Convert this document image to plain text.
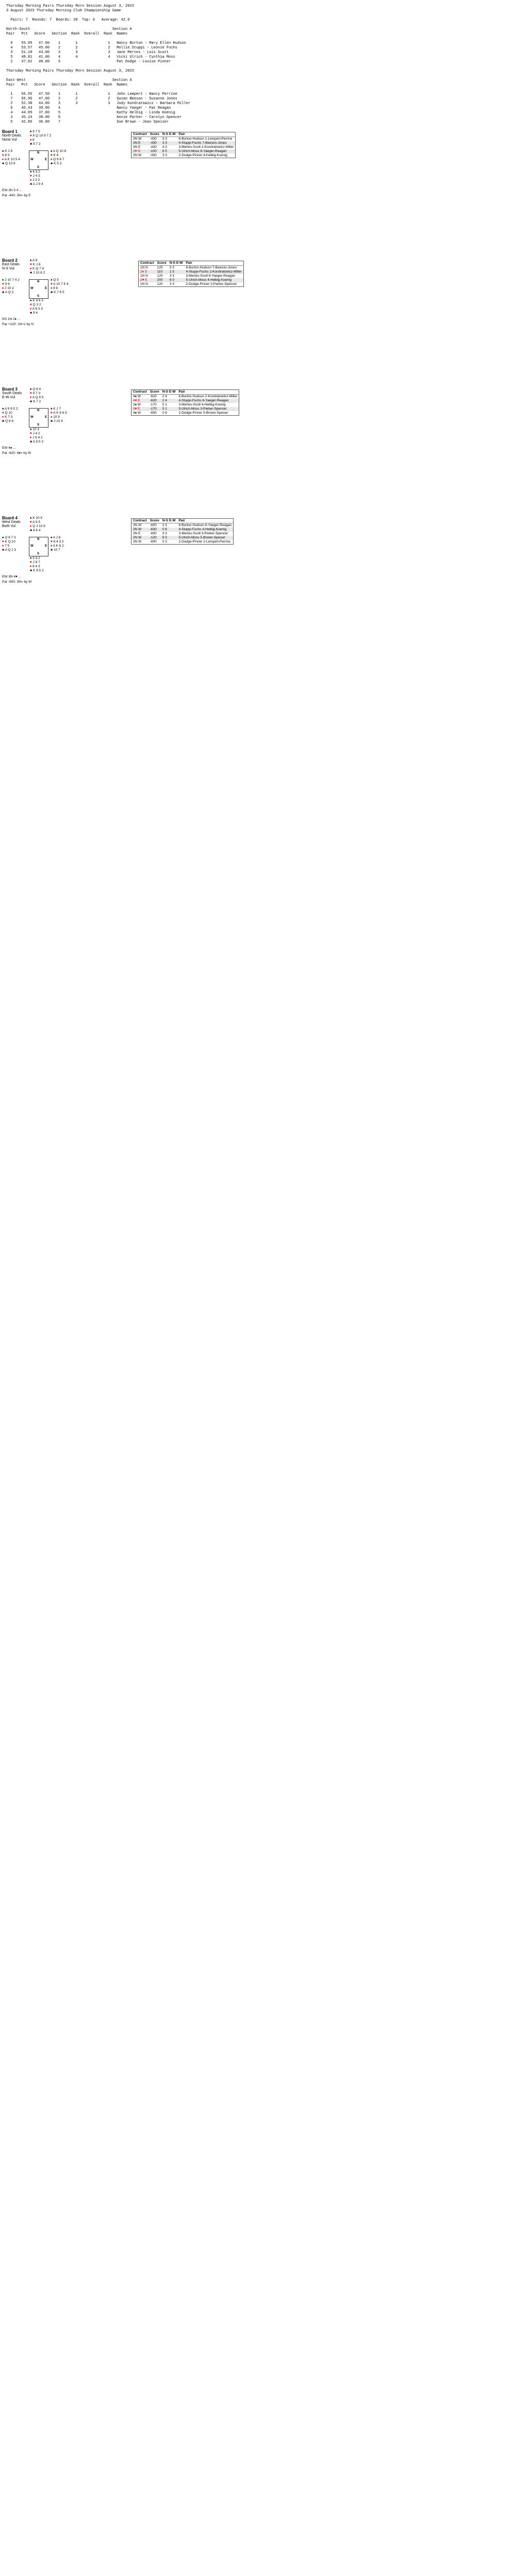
Thursday Morning Pairs Thursday Morn Session August 3, 2023
3 August 2023 Thursday Morning Club Championship Game

Pairs: 7  Rounds: 7  Boards: 28  Top: 6   Average: 42.0

North-South                                      Section A
Pair   Pct   Score   Section  Rank  Overall  Rank  Names

6    55.95   47.00    1       1              1   Nancy Burton - Mary Ellen Hudson
4    53.57   45.00    2       2              2   Mollie Stuppi - Leonie Fuchs
3    51.19   43.00    3       3              3   Jane Mertes - Lois Scott
5    48.81   41.00    4       4              4   Vicki Ulrich - Cynthia Moss
2    47.62   40.00    5                          Pat Dodge - Louise Pinner

Thursday Morning Pairs Thursday Morn Session August 3, 2023

East-West                                        Section A
Pair   Pct   Score   Section  Rank  Overall  Rank  Names

1    56.55   47.50    1       1              1   John Lempert - Nancy Perrine
7    55.95   47.00    2       2              2   Susan Beeson - Suzanne Jones
2    52.38   44.00    3       3              3   Judy Kondratowicz - Barbara Miller
6    46.43   39.00    4                          Nancy Yaeger - Pat Reagan
4    44.05   37.00    5                          Kathy Helbig - Linda Koenig
3    45.24   38.00    6                          Annie Parker - Carolyn Spencer
5    42.86   36.00    7                          Sue Brown - Jean Speiser
Board 1
North Deals
None Vul
♠ 9 7 5
♥ A Q 10 9 7 2
♦ 6
♣ 8 7 2
♠ K J 6
♥ 8 5
♦ A K 10 5 4
♣ Q 10 6
♠ A Q 10 8
♥ K 6
♦ Q 9 8 7
♣ K 5 3
♠ 4 3 2
♥ J 4 3
♦ J 3 2
♣ A J 9 4
N
S
W	E
EW 3N 5 4 ...
Par -400: 3N= by E
Contract	Score	N-S E-W	Pair
3N W	-430	3 3	6-Burton-Hudson 1-Lempert-Perrine
3N E	-430	3 3	4-Stuppi-Fuchs 7-Beeson-Jones
3N E	-430	3 3	3-Mertes-Scott 2-Kondratowicz-Miller
2♥ N	-100	6 0	5-Ulrich-Moss 6-Yaeger-Reagan
3N W	-430	3 3	2-Dodge-Pinner 4-Helbig-Koenig
Board 2
East Deals
N-S Vul
♠ A 8
♥ K J 8
♦ K Q 7 4
♣ J 10 8 2
♠ J 10 7 4 2
♥ 9 6
♦ J 10 2
♣ A Q 3
♠ Q 5
♥ A 10 7 5 4
♦ 9 8
♣ K 7 6 5
♠ K 9 6 3
♥ Q 3 2
♦ A 6 5 3
♣ 9 4
N
S
W	E
NS 1N 2♦ ...
Par +120: 1N+1 by N
Contract	Score	N-S E-W	Pair
1N N	120	3 3	6-Burton-Hudson 7-Beeson-Jones
2♦ S	110	1 5	4-Stuppi-Fuchs 2-Kondratowicz-Miller
1N N	120	3 3	3-Mertes-Scott 6-Yaeger-Reagan
2♥ E	200	6 0	5-Ulrich-Moss 4-Helbig-Koenig
1N N	120	3 3	2-Dodge-Pinner 3-Parker-Spencer
Board 3
South Deals
E-W Vul
♠ Q 6 4
♥ 9 7 3
♦ A Q 8 5
♣ K 7 2
♠ A 9 8 5 2
♥ Q 10
♦ K 7 3
♣ Q 8 6
♠ K J 7
♥ A K 8 6 5
♦ 10 9
♣ J 10 4
♠ 10 3
♥ J 4 2
♦ J 6 4 2
♣ A 9 5 3
N
S
W	E
EW 4♠ ...
Par -620: 4♠= by W
Contract	Score	N-S E-W	Pair
4♠ W	-620	2 4	6-Burton-Hudson 2-Kondratowicz-Miller
4♥ E	-620	2 4	4-Stuppi-Fuchs 6-Yaeger-Reagan
2♠ W	-170	5 1	3-Mertes-Scott 4-Helbig-Koenig
3♥ E	-170	5 1	5-Ulrich-Moss 3-Parker-Spencer
4♠ W	-650	0 6	2-Dodge-Pinner 5-Brown-Speiser
Board 4
West Deals
Both Vul
♠ K 10 9
♥ A 6 5
♦ Q J 10 9
♣ 8 6 4
♠ Q 8 7 3
♥ K Q 10
♦ 7 5
♣ A Q J 3
♠ A J 6
♥ 8 4 3 2
♦ A K 6 2
♣ 10 7
♠ 5 4 2
♥ J 9 7
♦ 8 4 3
♣ K 9 5 2
N
S
W	E
EW 3N 4♥ ...
Par -600: 3N= by W
Contract	Score	N-S E-W	Pair
3N W	-600	3 3	6-Burton-Hudson 6-Yaeger-Reagan
3N W	-630	0 6	4-Stuppi-Fuchs 4-Helbig-Koenig
3N E	-600	3 3	3-Mertes-Scott 3-Parker-Spencer
2N W	-120	6 0	5-Ulrich-Moss 5-Brown-Speiser
3N W	-600	3 3	2-Dodge-Pinner 1-Lempert-Perrine
